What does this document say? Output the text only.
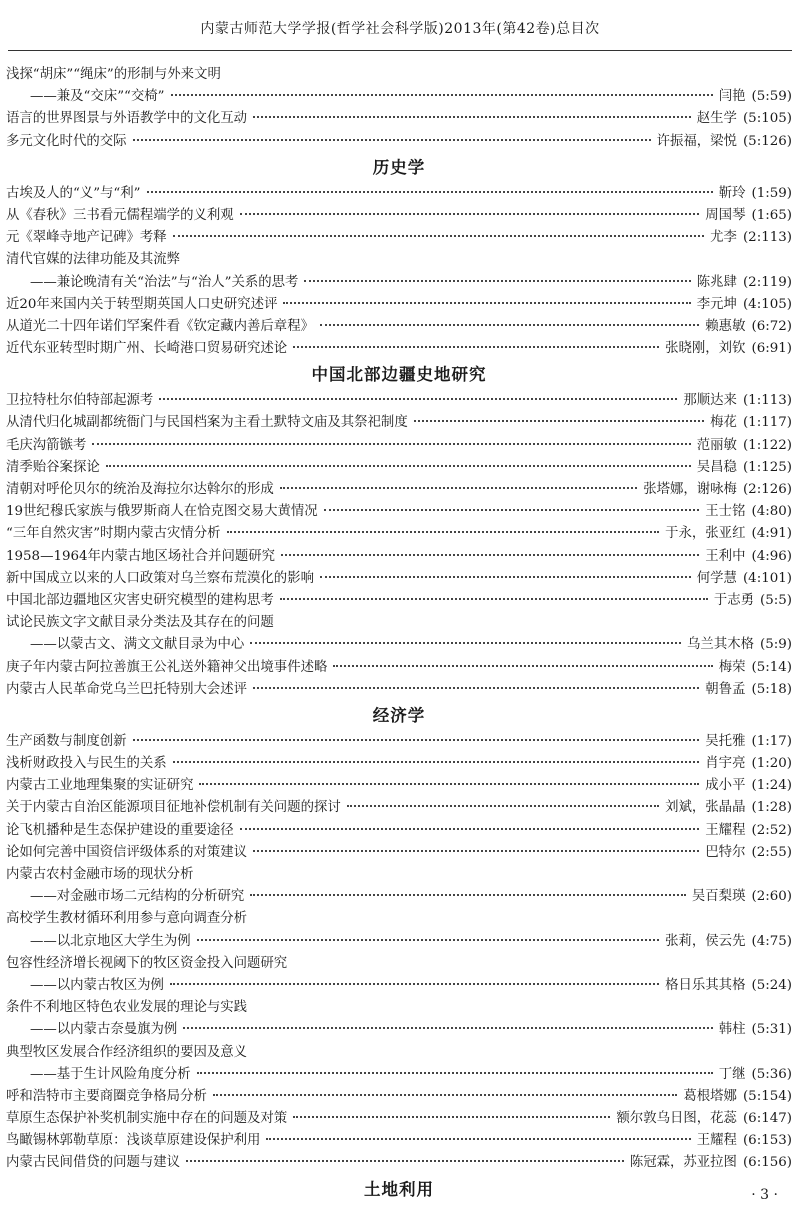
内蒙古师范大学学报(哲学社会科学版)2013年(第42卷)总目次
浅探“胡床”“绳床”的形制与外来文明
——兼及“交床”“交椅”	闫艳 (5:59)
语言的世界图景与外语教学中的文化互动	赵生学 (5:105)
多元文化时代的交际	许振福，梁悦 (5:126)
历史学
古埃及人的“义”与“利”	靳玲 (1:59)
从《春秋》三书看元儒程端学的义利观	周国琴 (1:65)
元《翠峰寺地产记碑》考释	尤李 (2:113)
清代官媒的法律功能及其流弊
——兼论晚清有关“治法”与“治人”关系的思考	陈兆肆 (2:119)
近20年来国内关于转型期英国人口史研究述评	李元坤 (4:105)
从道光二十四年诺们罕案件看《钦定藏内善后章程》	赖惠敏 (6:72)
近代东亚转型时期广州、长崎港口贸易研究述论	张晓刚，刘钦 (6:91)
中国北部边疆史地研究
卫拉特杜尔伯特部起源考	那顺达来 (1:113)
从清代归化城副都统衙门与民国档案为主看土默特文庙及其祭祀制度	梅花 (1:117)
毛庆沟箭镞考	范丽敏 (1:122)
清季贻谷案探论	吴昌稳 (1:125)
清朝对呼伦贝尔的统治及海拉尔达斡尔的形成	张塔娜，谢咏梅 (2:126)
19世纪穆氏家族与俄罗斯商人在恰克图交易大黄情况	王士铭 (4:80)
“三年自然灾害”时期内蒙古灾情分析	于永，张亚红 (4:91)
1958—1964年内蒙古地区场社合并问题研究	王利中 (4:96)
新中国成立以来的人口政策对乌兰察布荒漠化的影响	何学慧 (4:101)
中国北部边疆地区灾害史研究模型的建构思考	于志勇 (5:5)
试论民族文字文献目录分类法及其存在的问题
——以蒙古文、满文文献目录为中心	乌兰其木格 (5:9)
庚子年内蒙古阿拉善旗王公礼送外籍神父出境事件述略	梅荣 (5:14)
内蒙古人民革命党乌兰巴托特别大会述评	朝鲁孟 (5:18)
经济学
生产函数与制度创新	吴托雅 (1:17)
浅析财政投入与民生的关系	肖宇亮 (1:20)
内蒙古工业地理集聚的实证研究	成小平 (1:24)
关于内蒙古自治区能源项目征地补偿机制有关问题的探讨	刘斌，张晶晶 (1:28)
论飞机播种是生态保护建设的重要途径	王耀程 (2:52)
论如何完善中国资信评级体系的对策建议	巴特尔 (2:55)
内蒙古农村金融市场的现状分析
——对金融市场二元结构的分析研究	吴百梨瑛 (2:60)
高校学生教材循环利用参与意向调查分析
——以北京地区大学生为例	张莉，侯云先 (4:75)
包容性经济增长视阈下的牧区资金投入问题研究
——以内蒙古牧区为例	格日乐其其格 (5:24)
条件不利地区特色农业发展的理论与实践
——以内蒙古奈曼旗为例	韩柱 (5:31)
典型牧区发展合作经济组织的要因及意义
——基于生计风险角度分析	丁继 (5:36)
呼和浩特市主要商圈竞争格局分析	葛根塔娜 (5:154)
草原生态保护补奖机制实施中存在的问题及对策	额尔敦乌日图，花蕊 (6:147)
鸟瞰锡林郭勒草原：浅谈草原建设保护利用	王耀程 (6:153)
内蒙古民间借贷的问题与建议	陈冠霖，苏亚拉图 (6:156)
土地利用	· 3 ·
